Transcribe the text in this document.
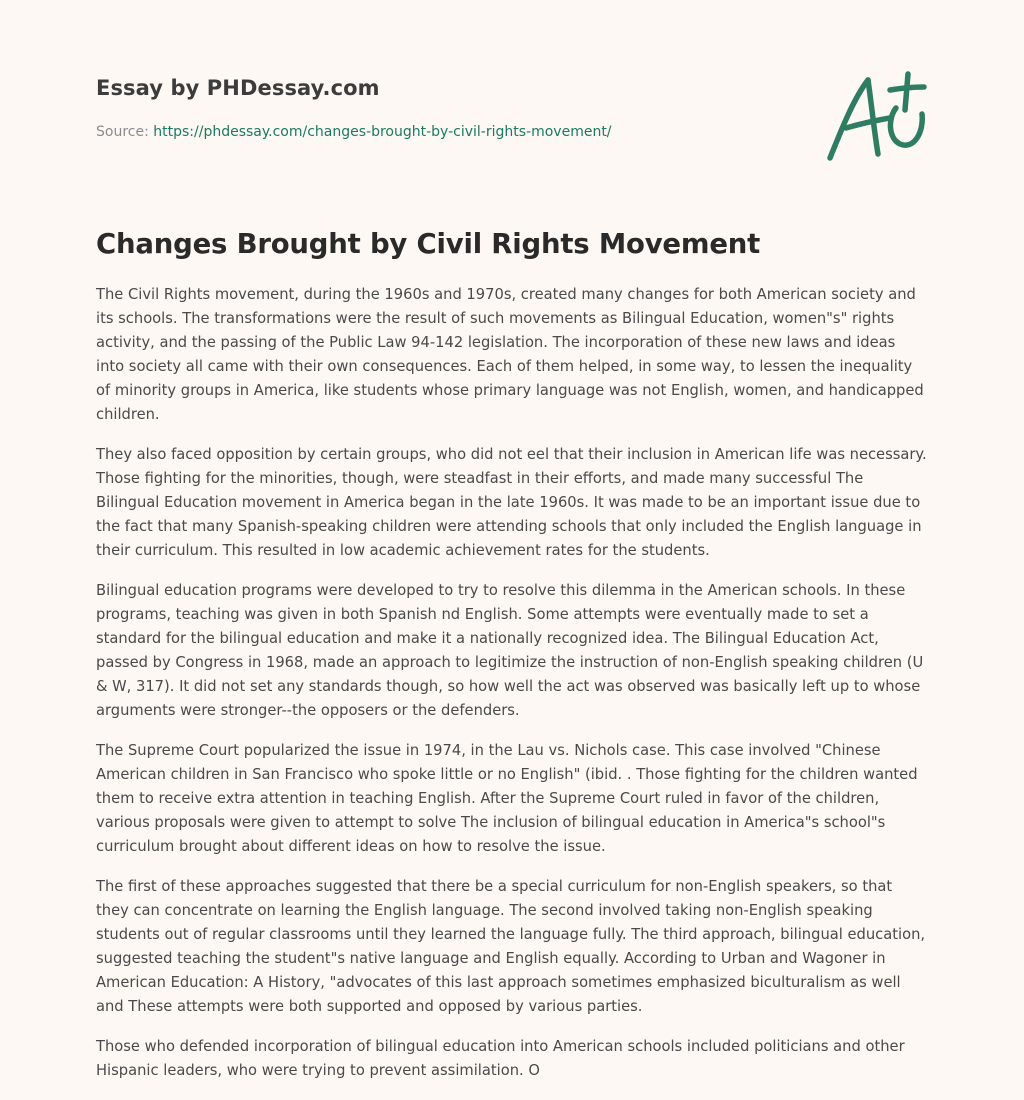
Essay by PHDessay.com
Source: https://phdessay.com/changes-brought-by-civil-rights-movement/
Changes Brought by Civil Rights Movement

The Civil Rights movement, during the 1960s and 1970s, created many changes for both American society and its schools. The transformations were the result of such movements as Bilingual Education, women"s" rights activity, and the passing of the Public Law 94-142 legislation. The incorporation of these new laws and ideas into society all came with their own consequences. Each of them helped, in some way, to lessen the inequality of minority groups in America, like students whose primary language was not English, women, and handicapped children.

They also faced opposition by certain groups, who did not eel that their inclusion in American life was necessary. Those fighting for the minorities, though, were steadfast in their efforts, and made many successful The Bilingual Education movement in America began in the late 1960s. It was made to be an important issue due to the fact that many Spanish-speaking children were attending schools that only included the English language in their curriculum. This resulted in low academic achievement rates for the students.

Bilingual education programs were developed to try to resolve this dilemma in the American schools. In these programs, teaching was given in both Spanish nd English. Some attempts were eventually made to set a standard for the bilingual education and make it a nationally recognized idea. The Bilingual Education Act, passed by Congress in 1968, made an approach to legitimize the instruction of non-English speaking children (U & W, 317). It did not set any standards though, so how well the act was observed was basically left up to whose arguments were stronger--the opposers or the defenders.

The Supreme Court popularized the issue in 1974, in the Lau vs. Nichols case. This case involved "Chinese American children in San Francisco who spoke little or no English" (ibid. . Those fighting for the children wanted them to receive extra attention in teaching English. After the Supreme Court ruled in favor of the children, various proposals were given to attempt to solve The inclusion of bilingual education in America"s school"s curriculum brought about different ideas on how to resolve the issue.

The first of these approaches suggested that there be a special curriculum for non-English speakers, so that they can concentrate on learning the English language. The second involved taking non-English speaking students out of regular classrooms until they learned the language fully. The third approach, bilingual education, suggested teaching the student"s native language and English equally. According to Urban and Wagoner in American Education: A History, "advocates of this last approach sometimes emphasized biculturalism as well and These attempts were both supported and opposed by various parties.

Those who defended incorporation of bilingual education into American schools included politicians and other Hispanic leaders, who were trying to prevent assimilation. O
